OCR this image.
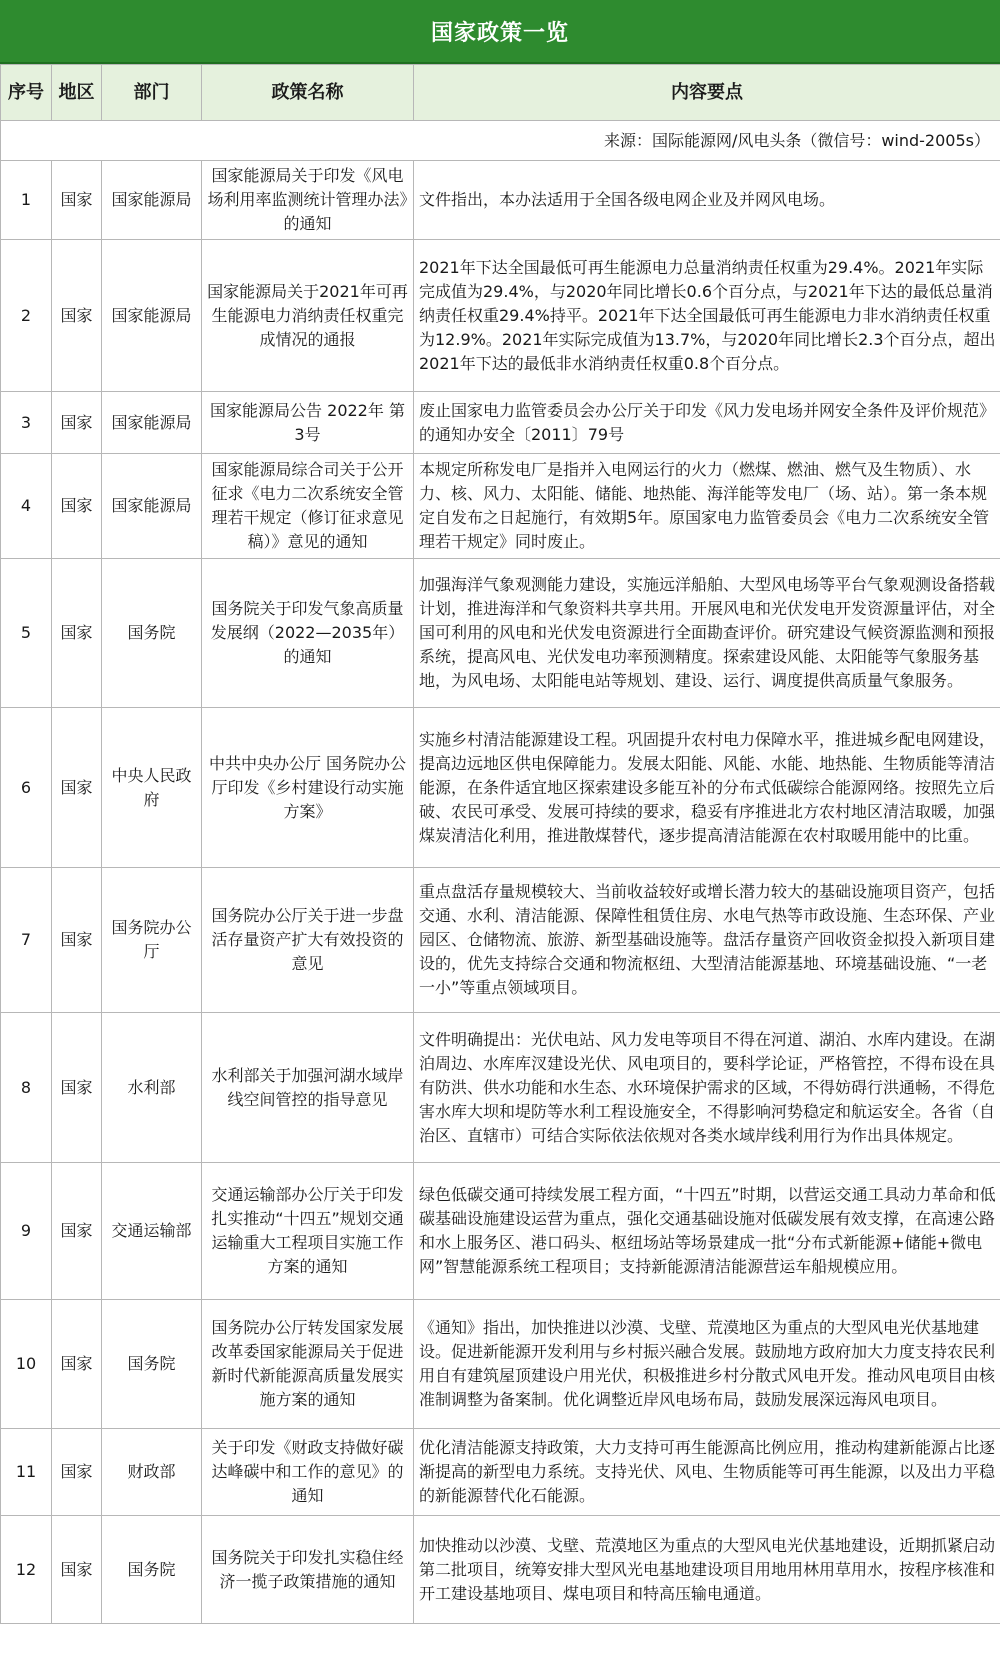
国家政策一览
序号	地区	部门	政策名称	内容要点
来源：国际能源网/风电头条（微信号：wind-2005s）				
1	国家	国家能源局	国家能源局关于印发《风电场利用率监测统计管理办法》的通知	文件指出，本办法适用于全国各级电网企业及并网风电场。
2	国家	国家能源局	国家能源局关于2021年可再生能源电力消纳责任权重完成情况的通报	2021年下达全国最低可再生能源电力总量消纳责任权重为29.4%。2021年实际完成值为29.4%，与2020年同比增长0.6个百分点，与2021年下达的最低总量消纳责任权重29.4%持平。2021年下达全国最低可再生能源电力非水消纳责任权重为12.9%。2021年实际完成值为13.7%，与2020年同比增长2.3个百分点，超出2021年下达的最低非水消纳责任权重0.8个百分点。
3	国家	国家能源局	国家能源局公告 2022年 第3号	废止国家电力监管委员会办公厅关于印发《风力发电场并网安全条件及评价规范》的通知办安全〔2011〕79号
4	国家	国家能源局	国家能源局综合司关于公开征求《电力二次系统安全管理若干规定（修订征求意见稿）》意见的通知	本规定所称发电厂是指并入电网运行的火力（燃煤、燃油、燃气及生物质）、水力、核、风力、太阳能、储能、地热能、海洋能等发电厂（场、站）。第一条本规定自发布之日起施行，有效期5年。原国家电力监管委员会《电力二次系统安全管理若干规定》同时废止。
5	国家	国务院	国务院关于印发气象高质量发展纲（2022—2035年）的通知	加强海洋气象观测能力建设，实施远洋船舶、大型风电场等平台气象观测设备搭载计划，推进海洋和气象资料共享共用。开展风电和光伏发电开发资源量评估，对全国可利用的风电和光伏发电资源进行全面勘查评价。研究建设气候资源监测和预报系统，提高风电、光伏发电功率预测精度。探索建设风能、太阳能等气象服务基地，为风电场、太阳能电站等规划、建设、运行、调度提供高质量气象服务。
6	国家	中央人民政府	中共中央办公厅 国务院办公厅印发《乡村建设行动实施方案》	实施乡村清洁能源建设工程。巩固提升农村电力保障水平，推进城乡配电网建设，提高边远地区供电保障能力。发展太阳能、风能、水能、地热能、生物质能等清洁能源，在条件适宜地区探索建设多能互补的分布式低碳综合能源网络。按照先立后破、农民可承受、发展可持续的要求，稳妥有序推进北方农村地区清洁取暖，加强煤炭清洁化利用，推进散煤替代，逐步提高清洁能源在农村取暖用能中的比重。
7	国家	国务院办公厅	国务院办公厅关于进一步盘活存量资产扩大有效投资的意见	重点盘活存量规模较大、当前收益较好或增长潜力较大的基础设施项目资产，包括交通、水利、清洁能源、保障性租赁住房、水电气热等市政设施、生态环保、产业园区、仓储物流、旅游、新型基础设施等。盘活存量资产回收资金拟投入新项目建设的，优先支持综合交通和物流枢纽、大型清洁能源基地、环境基础设施、“一老一小”等重点领域项目。
8	国家	水利部	水利部关于加强河湖水域岸线空间管控的指导意见	文件明确提出：光伏电站、风力发电等项目不得在河道、湖泊、水库内建设。在湖泊周边、水库库汊建设光伏、风电项目的，要科学论证，严格管控，不得布设在具有防洪、供水功能和水生态、水环境保护需求的区域，不得妨碍行洪通畅，不得危害水库大坝和堤防等水利工程设施安全，不得影响河势稳定和航运安全。各省（自治区、直辖市）可结合实际依法依规对各类水域岸线利用行为作出具体规定。
9	国家	交通运输部	交通运输部办公厅关于印发扎实推动“十四五”规划交通运输重大工程项目实施工作方案的通知	绿色低碳交通可持续发展工程方面，“十四五”时期，以营运交通工具动力革命和低碳基础设施建设运营为重点，强化交通基础设施对低碳发展有效支撑，在高速公路和水上服务区、港口码头、枢纽场站等场景建成一批“分布式新能源+储能+微电网”智慧能源系统工程项目；支持新能源清洁能源营运车船规模应用。
10	国家	国务院	国务院办公厅转发国家发展改革委国家能源局关于促进新时代新能源高质量发展实施方案的通知	《通知》指出，加快推进以沙漠、戈壁、荒漠地区为重点的大型风电光伏基地建设。促进新能源开发利用与乡村振兴融合发展。鼓励地方政府加大力度支持农民利用自有建筑屋顶建设户用光伏，积极推进乡村分散式风电开发。推动风电项目由核准制调整为备案制。优化调整近岸风电场布局，鼓励发展深远海风电项目。
11	国家	财政部	关于印发《财政支持做好碳达峰碳中和工作的意见》的通知	优化清洁能源支持政策，大力支持可再生能源高比例应用，推动构建新能源占比逐渐提高的新型电力系统。支持光伏、风电、生物质能等可再生能源，以及出力平稳的新能源替代化石能源。
12	国家	国务院	国务院关于印发扎实稳住经济一揽子政策措施的通知	加快推动以沙漠、戈壁、荒漠地区为重点的大型风电光伏基地建设，近期抓紧启动第二批项目，统筹安排大型风光电基地建设项目用地用林用草用水，按程序核准和开工建设基地项目、煤电项目和特高压输电通道。
